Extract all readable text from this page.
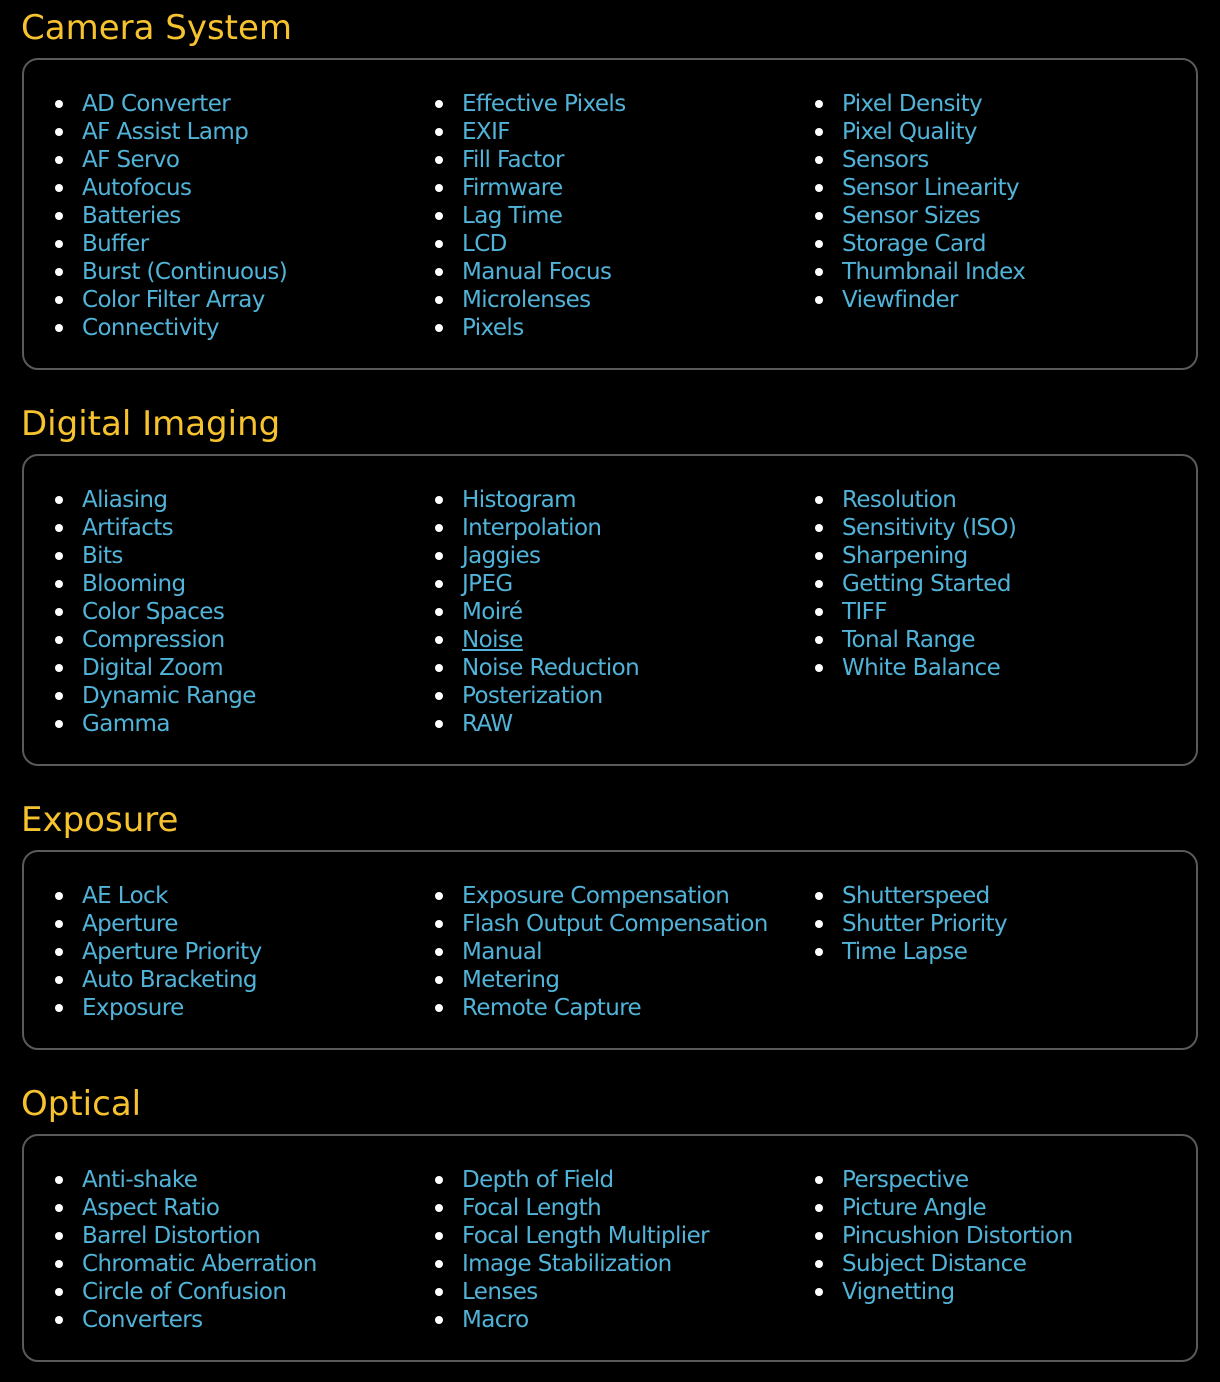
Camera System
AD Converter
AF Assist Lamp
AF Servo
Autofocus
Batteries
Buffer
Burst (Continuous)
Color Filter Array
Connectivity
Effective Pixels
EXIF
Fill Factor
Firmware
Lag Time
LCD
Manual Focus
Microlenses
Pixels
Pixel Density
Pixel Quality
Sensors
Sensor Linearity
Sensor Sizes
Storage Card
Thumbnail Index
Viewfinder
Digital Imaging
Aliasing
Artifacts
Bits
Blooming
Color Spaces
Compression
Digital Zoom
Dynamic Range
Gamma
Histogram
Interpolation
Jaggies
JPEG
Moiré
Noise
Noise Reduction
Posterization
RAW
Resolution
Sensitivity (ISO)
Sharpening
Getting Started
TIFF
Tonal Range
White Balance
Exposure
AE Lock
Aperture
Aperture Priority
Auto Bracketing
Exposure
Exposure Compensation
Flash Output Compensation
Manual
Metering
Remote Capture
Shutterspeed
Shutter Priority
Time Lapse
Optical
Anti-shake
Aspect Ratio
Barrel Distortion
Chromatic Aberration
Circle of Confusion
Converters
Depth of Field
Focal Length
Focal Length Multiplier
Image Stabilization
Lenses
Macro
Perspective
Picture Angle
Pincushion Distortion
Subject Distance
Vignetting
